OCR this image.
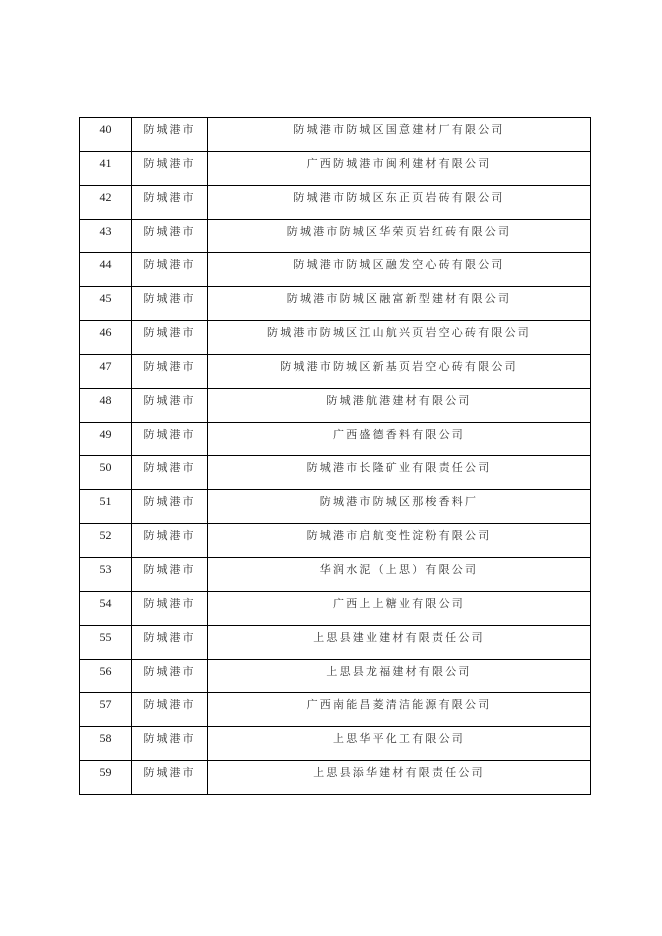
40	防城港市	防城港市防城区国意建材厂有限公司

41	防城港市	广西防城港市闽利建材有限公司

42	防城港市	防城港市防城区东正页岩砖有限公司

43	防城港市	防城港市防城区华荣页岩红砖有限公司

44	防城港市	防城港市防城区融发空心砖有限公司

45	防城港市	防城港市防城区融富新型建材有限公司

46	防城港市	防城港市防城区江山航兴页岩空心砖有限公司

47	防城港市	防城港市防城区新基页岩空心砖有限公司

48	防城港市	防城港航港建材有限公司

49	防城港市	广西盛德香料有限公司

50	防城港市	防城港市长隆矿业有限责任公司

51	防城港市	防城港市防城区那梭香料厂

52	防城港市	防城港市启航变性淀粉有限公司

53	防城港市	华润水泥（上思）有限公司

54	防城港市	广西上上糖业有限公司

55	防城港市	上思县建业建材有限责任公司

56	防城港市	上思县龙福建材有限公司

57	防城港市	广西南能昌菱清洁能源有限公司

58	防城港市	上思华平化工有限公司

59	防城港市	上思县添华建材有限责任公司
